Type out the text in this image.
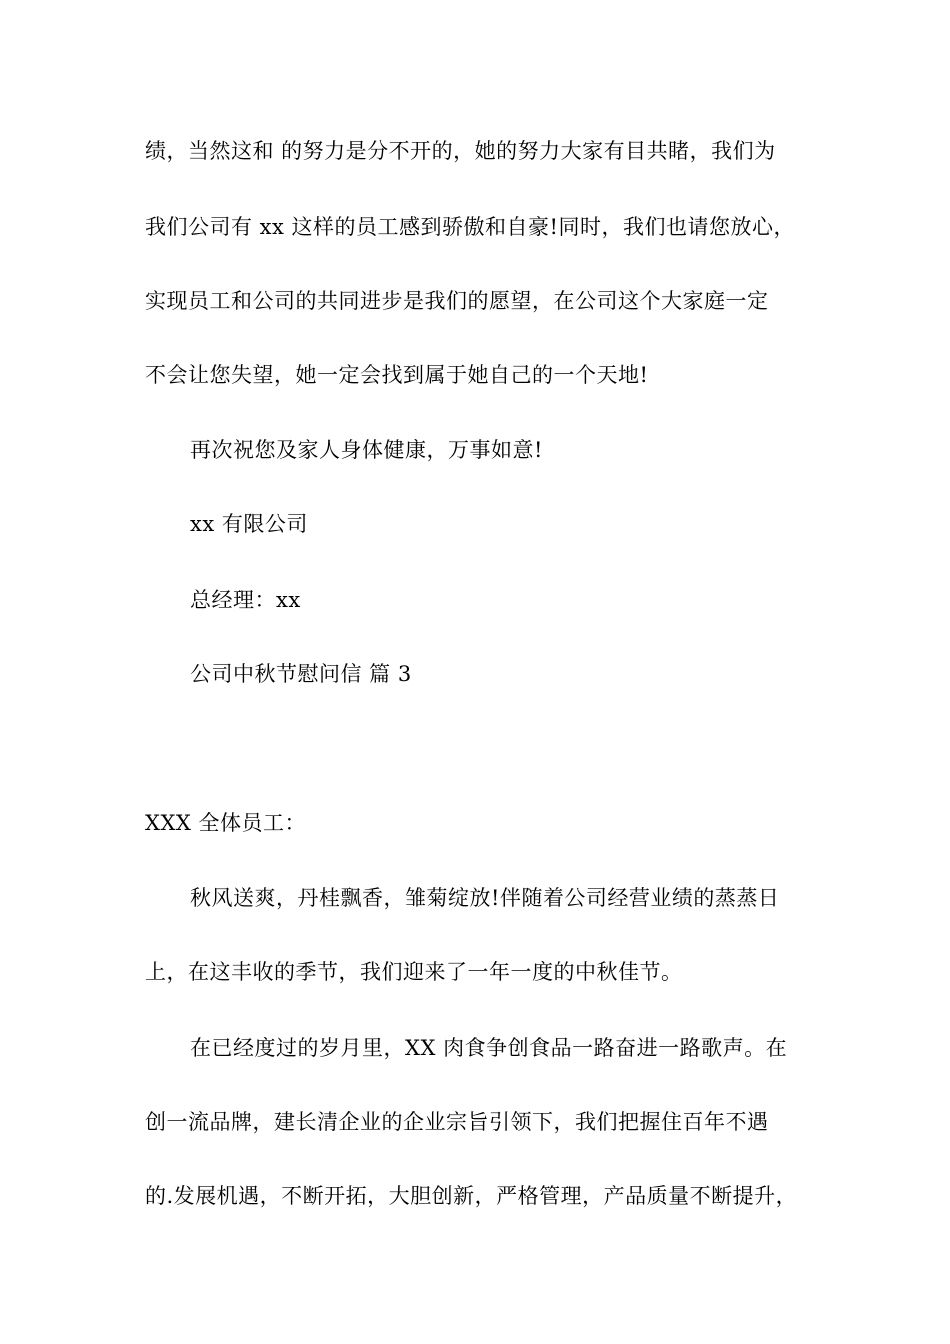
绩，当然这和 的努力是分不开的，她的努力大家有目共睹，我们为
我们公司有 xx 这样的员工感到骄傲和自豪!同时，我们也请您放心，
实现员工和公司的共同进步是我们的愿望，在公司这个大家庭一定
不会让您失望，她一定会找到属于她自己的一个天地!
再次祝您及家人身体健康，万事如意!
xx 有限公司
总经理：xx
公司中秋节慰问信 篇 3
XXX 全体员工：
秋风送爽，丹桂飘香，雏菊绽放!伴随着公司经营业绩的蒸蒸日
上，在这丰收的季节，我们迎来了一年一度的中秋佳节。
在已经度过的岁月里，XX 肉食争创食品一路奋进一路歌声。在
创一流品牌，建长清企业的企业宗旨引领下，我们把握住百年不遇
的.发展机遇，不断开拓，大胆创新，严格管理，产品质量不断提升，
